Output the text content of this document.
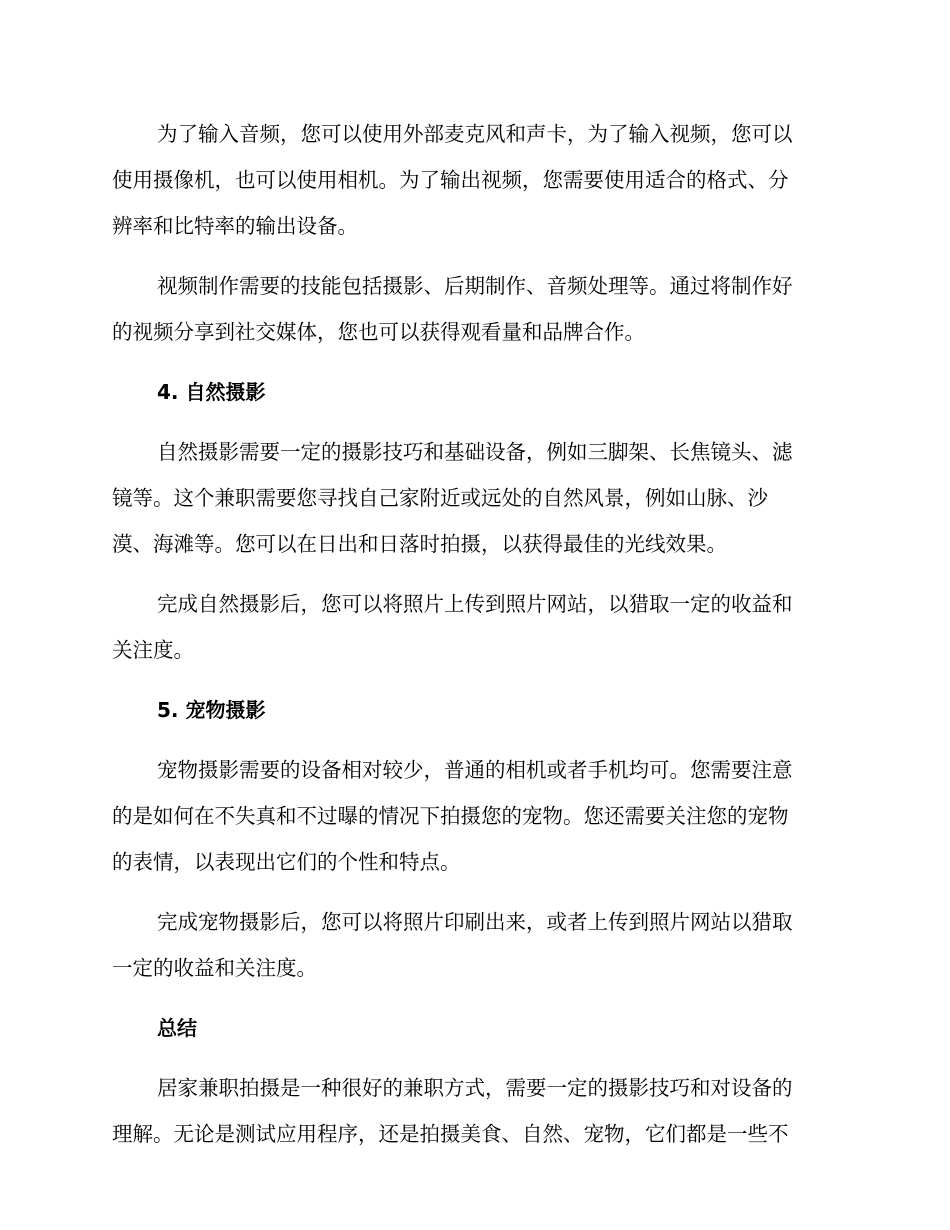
为了输入音频，您可以使用外部麦克风和声卡，为了输入视频，您可以
使用摄像机，也可以使用相机。为了输出视频，您需要使用适合的格式、分
辨率和比特率的输出设备。

视频制作需要的技能包括摄影、后期制作、音频处理等。通过将制作好
的视频分享到社交媒体，您也可以获得观看量和品牌合作。

4. 自然摄影

自然摄影需要一定的摄影技巧和基础设备，例如三脚架、长焦镜头、滤
镜等。这个兼职需要您寻找自己家附近或远处的自然风景，例如山脉、沙
漠、海滩等。您可以在日出和日落时拍摄，以获得最佳的光线效果。

完成自然摄影后，您可以将照片上传到照片网站，以猎取一定的收益和
关注度。

5. 宠物摄影

宠物摄影需要的设备相对较少，普通的相机或者手机均可。您需要注意
的是如何在不失真和不过曝的情况下拍摄您的宠物。您还需要关注您的宠物
的表情，以表现出它们的个性和特点。

完成宠物摄影后，您可以将照片印刷出来，或者上传到照片网站以猎取
一定的收益和关注度。

总结

居家兼职拍摄是一种很好的兼职方式，需要一定的摄影技巧和对设备的
理解。无论是测试应用程序，还是拍摄美食、自然、宠物，它们都是一些不
